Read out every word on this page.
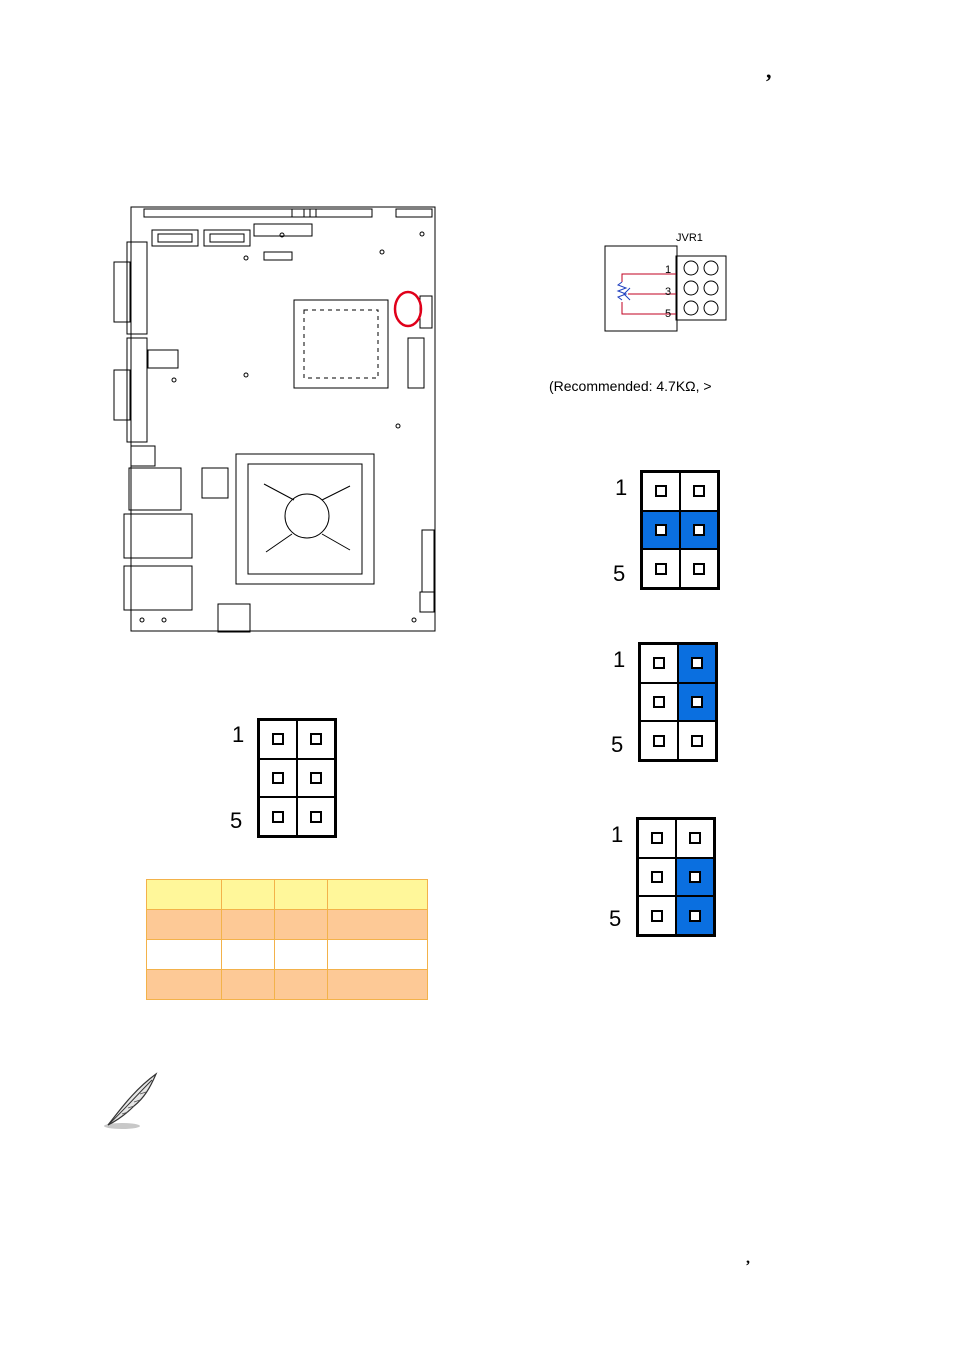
,
,
JVR1
1
3
5
(Recommended: 4.7KΩ, >
1
5
1
5
1
5
1
5
